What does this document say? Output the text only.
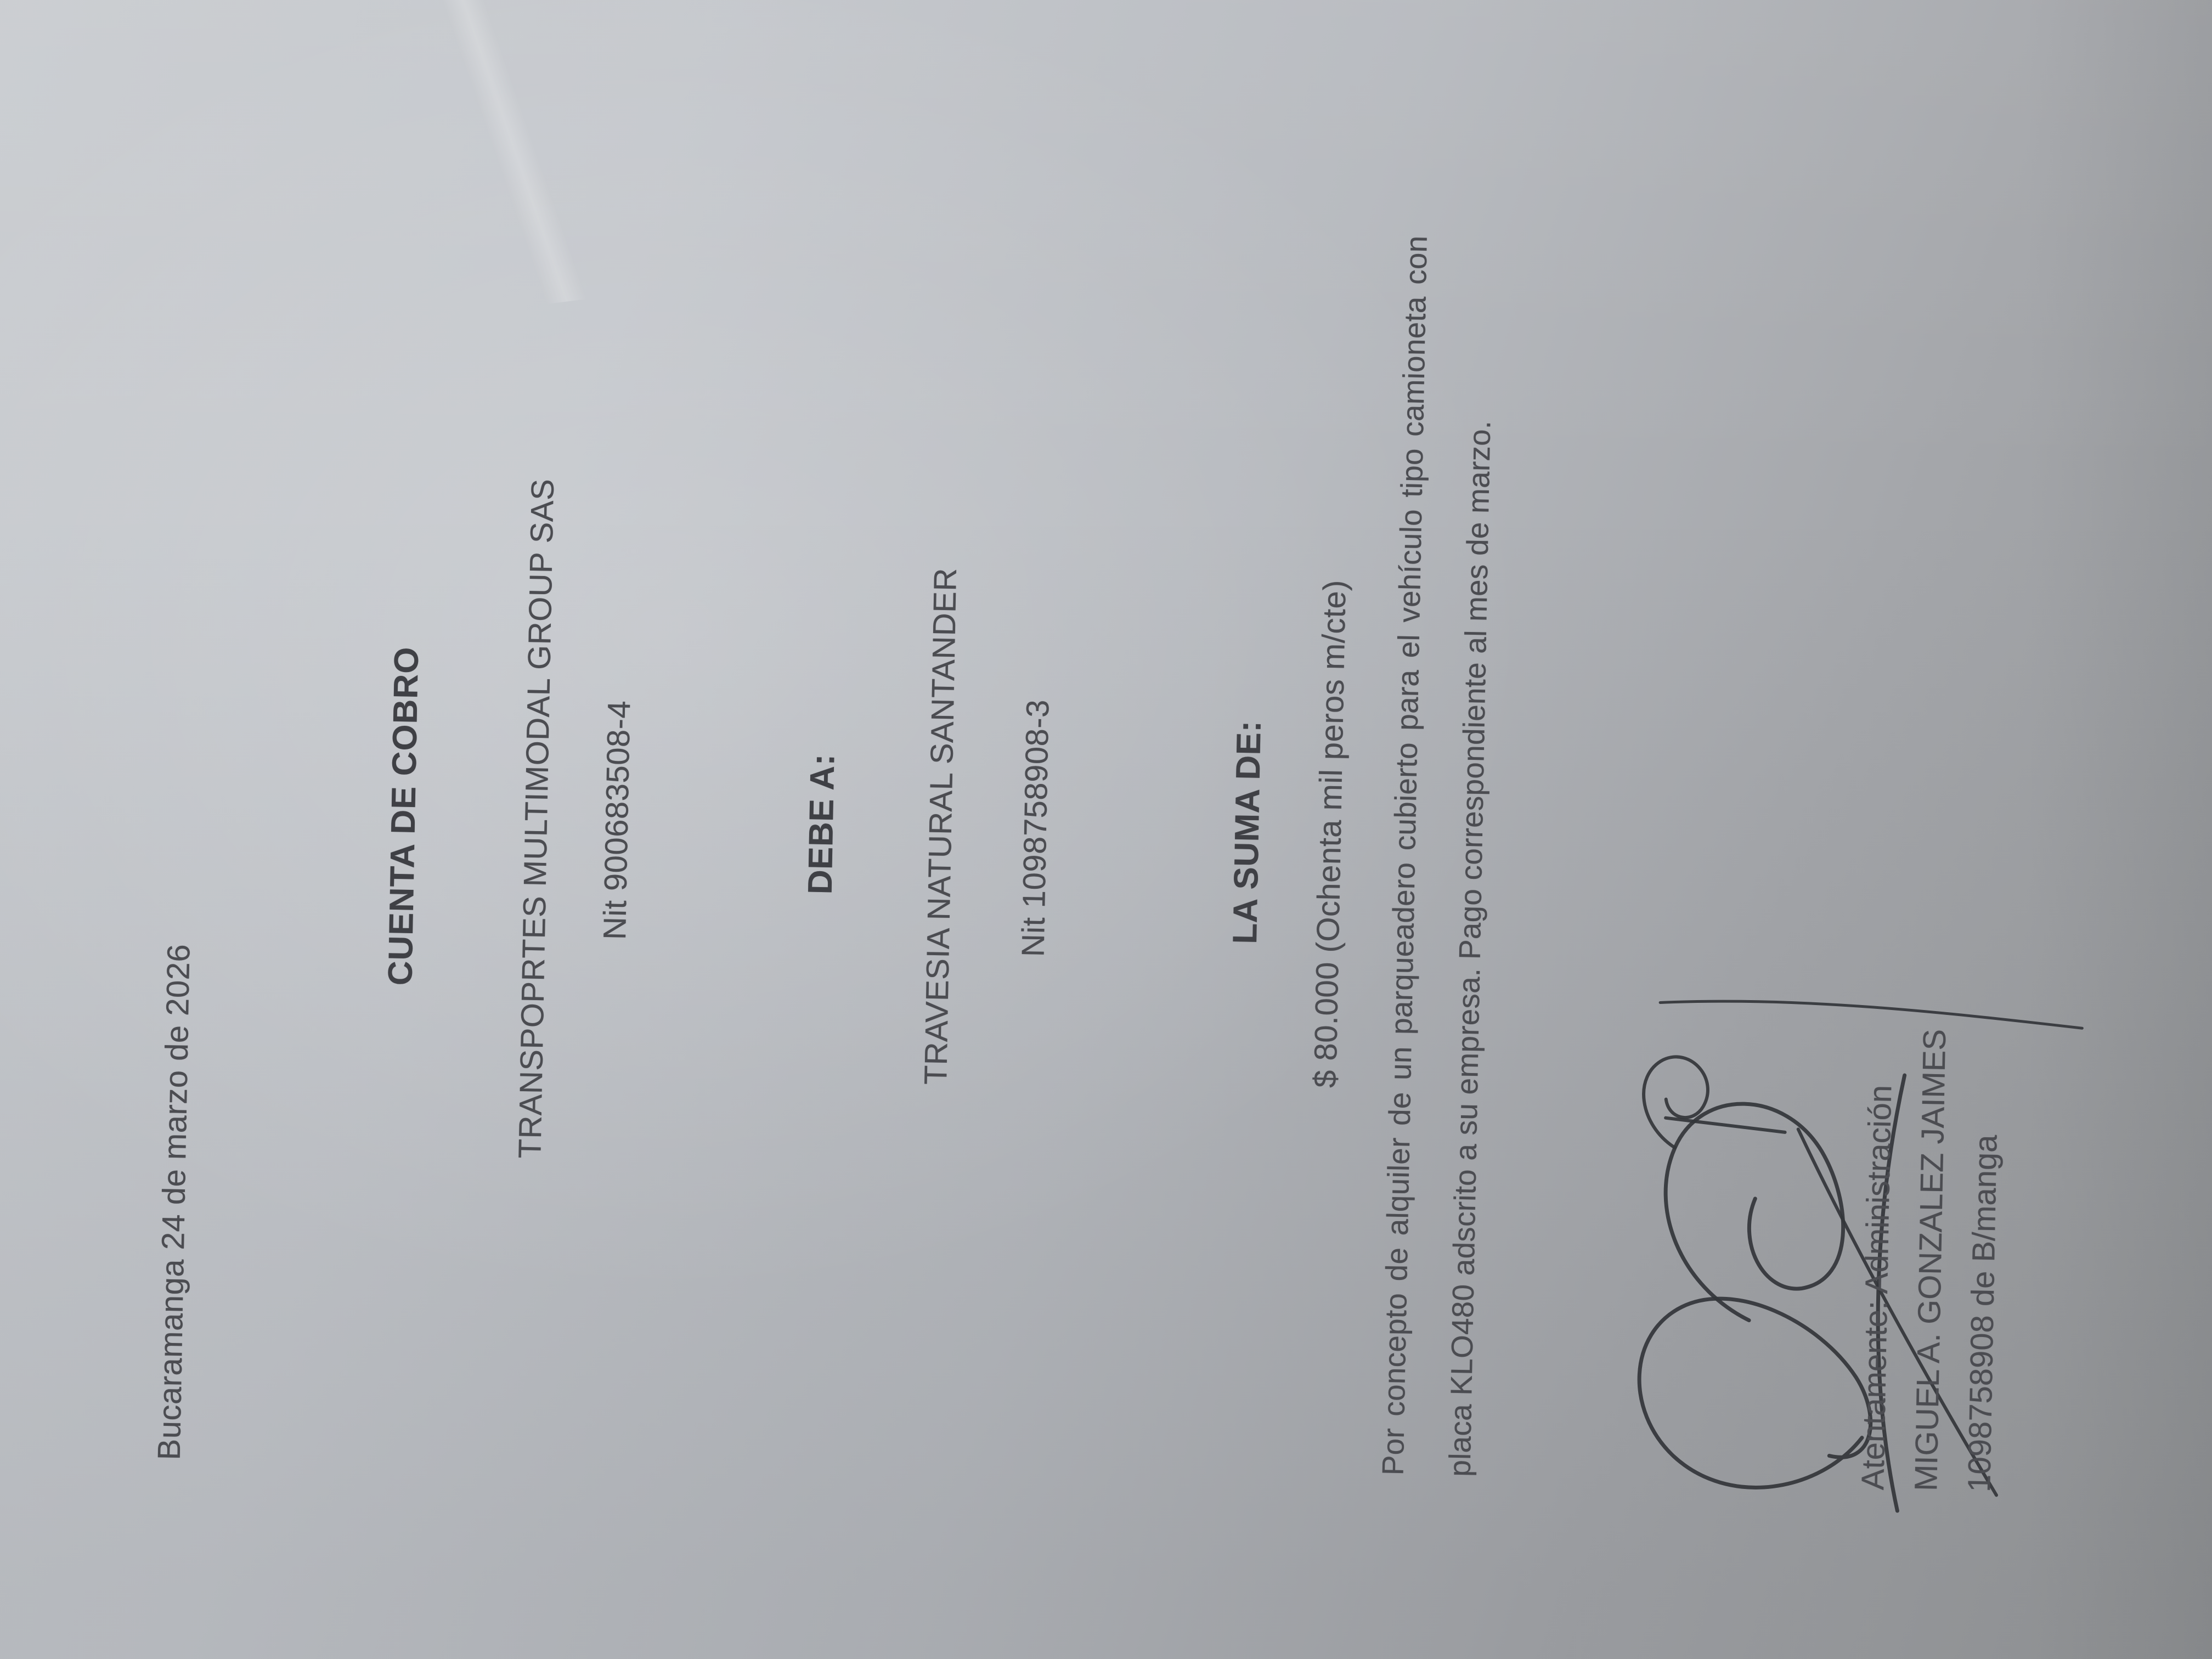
Bucaramanga 24 de marzo de 2026
CUENTA DE COBRO	TRANSPOPRTES MULTIMODAL GROUP SAS	Nit 900683508-4	DEBE A:	TRAVESIA NATURAL SANTANDER	Nit 1098758908-3	LA SUMA DE:	$ 80.000 (Ochenta mil peros m/cte) Por concepto de alquiler de un parqueadero cubierto para el vehículo tipo camioneta con placa KLO480 adscrito a su empresa. Pago correspondiente al mes de marzo.	Atentamente: Administración MIGUEL A. GONZALEZ JAIMES 1098758908 de B/manga
